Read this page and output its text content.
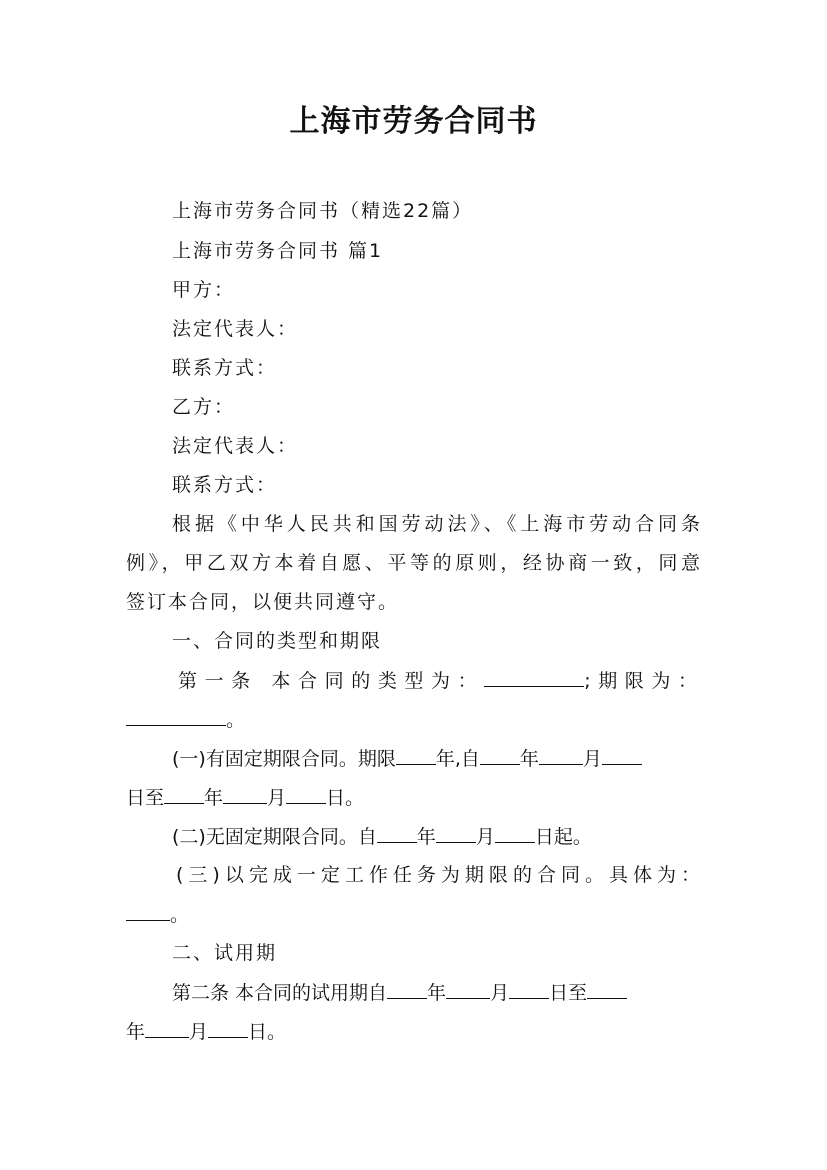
上海市劳务合同书
上海市劳务合同书（精选22篇）
上海市劳务合同书 篇1
甲方：
法定代表人：
联系方式：
乙方：
法定代表人：
联系方式：
根据《中华人民共和国劳动法》、《上海市劳动合同条
例》，甲乙双方本着自愿、平等的原则，经协商一致，同意
签订本合同，以便共同遵守。
一、合同的类型和期限
第一条 本合同的类型为：	;期限为：
。
(一)有固定期限合同。期限 年,自 年 月
日至 年 月 日。
(二)无固定期限合同。自 年 月 日起。
(三)以完成一定工作任务为期限的合同。具体为：
。
二、试用期
第二条 本合同的试用期自 年 月 日至
年 月 日。
